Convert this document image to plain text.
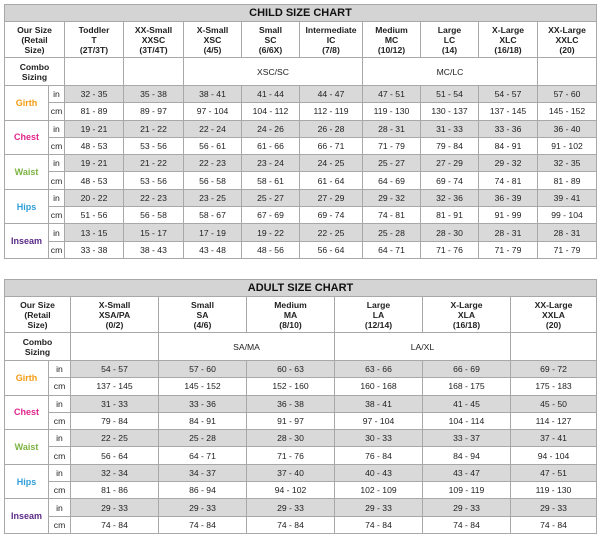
CHILD SIZE CHART											
Our Size
(Retail
Size)		Toddler
T
(2T/3T)	XX-Small
XXSC
(3T/4T)	X-Small
XSC
(4/5)	Small
SC
(6/6X)	Intermediate
IC
(7/8)	Medium
MC
(10/12)	Large
LC
(14)	X-Large
XLC
(16/18)	XX-Large
XXLC
(20)	
Combo
Sizing				XSC/SC			MC/LC				
Girth	in	32 - 35	35 - 38	38 - 41	41 - 44	44 - 47	47 - 51	51 - 54	54 - 57	57 - 60	
	cm	81 - 89	89 - 97	97 - 104	104 - 112	112 - 119	119 - 130	130 - 137	137 - 145	145 - 152	
Chest	in	19 - 21	21 - 22	22 - 24	24 - 26	26 - 28	28 - 31	31 - 33	33 - 36	36 - 40	
	cm	48 - 53	53 - 56	56 - 61	61 - 66	66 - 71	71 - 79	79 - 84	84 - 91	91 - 102	
Waist	in	19 - 21	21 - 22	22 - 23	23 - 24	24 - 25	25 - 27	27 - 29	29 - 32	32 - 35	
	cm	48 - 53	53 - 56	56 - 58	58 - 61	61 - 64	64 - 69	69 - 74	74 - 81	81 - 89	
Hips	in	20 - 22	22 - 23	23 - 25	25 - 27	27 - 29	29 - 32	32 - 36	36 - 39	39 - 41	
	cm	51 - 56	56 - 58	58 - 67	67 - 69	69 - 74	74 - 81	81 - 91	91 - 99	99 - 104	
Inseam	in	13 - 15	15 - 17	17 - 19	19 - 22	22 - 25	25 - 28	28 - 30	28 - 31	28 - 31	
	cm	33 - 38	38 - 43	43 - 48	48 - 56	56 - 64	64 - 71	71 - 76	71 - 79	71 - 79	
ADULT SIZE CHART							
Our Size
(Retail
Size)		X-Small
XSA/PA
(0/2)	Small
SA
(4/6)	Medium
MA
(8/10)	Large
LA
(12/14)	X-Large
XLA
(16/18)	XX-Large
XXLA
(20)
Combo
Sizing			SA/MA		LA/XL		
Girth	in	54 - 57	57 - 60	60 - 63	63 - 66	66 - 69	69 - 72
	cm	137 - 145	145 - 152	152 - 160	160 - 168	168 - 175	175 - 183
Chest	in	31 - 33	33 - 36	36 - 38	38 - 41	41 - 45	45 - 50
	cm	79 - 84	84 - 91	91 - 97	97 - 104	104 - 114	114 - 127
Waist	in	22 - 25	25 - 28	28 - 30	30 - 33	33 - 37	37 - 41
	cm	56 - 64	64 - 71	71 - 76	76 - 84	84 - 94	94 - 104
Hips	in	32 - 34	34 - 37	37 - 40	40 - 43	43 - 47	47 - 51
	cm	81 - 86	86 - 94	94 - 102	102 - 109	109 - 119	119 - 130
Inseam	in	29 - 33	29 - 33	29 - 33	29 - 33	29 - 33	29 - 33
	cm	74 - 84	74 - 84	74 - 84	74 - 84	74 - 84	74 - 84
